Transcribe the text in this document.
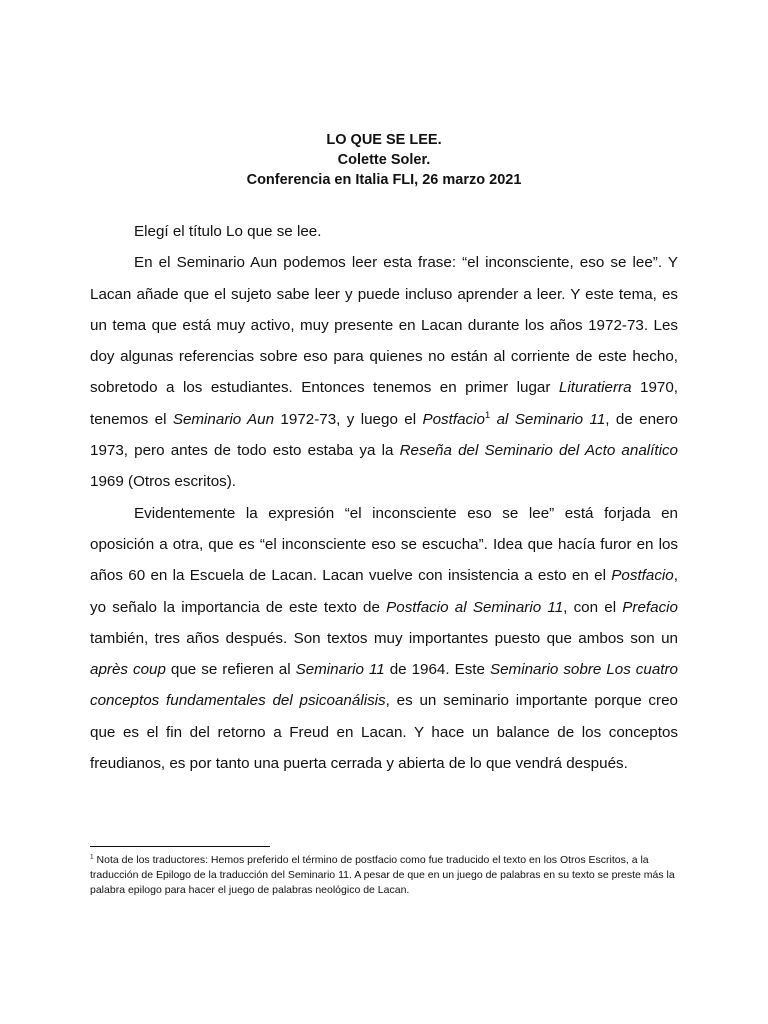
LO QUE SE LEE.
Colette Soler.
Conferencia en Italia FLI, 26 marzo 2021

Elegí el título Lo que se lee.

En el Seminario Aun podemos leer esta frase: “el inconsciente, eso se lee”. Y Lacan añade que el sujeto sabe leer y puede incluso aprender a leer. Y este tema, es un tema que está muy activo, muy presente en Lacan durante los años 1972-73. Les doy algunas referencias sobre eso para quienes no están al corriente de este hecho, sobretodo a los estudiantes. Entonces tenemos en primer lugar Lituratierra 1970, tenemos el Seminario Aun 1972-73, y luego el Postfacio$^1$ al Seminario 11, de enero 1973, pero antes de todo esto estaba ya la Reseña del Seminario del Acto analítico 1969 (Otros escritos).

Evidentemente la expresión “el inconsciente eso se lee” está forjada en oposición a otra, que es “el inconsciente eso se escucha”. Idea que hacía furor en los años 60 en la Escuela de Lacan. Lacan vuelve con insistencia a esto en el Postfacio, yo señalo la importancia de este texto de Postfacio al Seminario 11, con el Prefacio también, tres años después. Son textos muy importantes puesto que ambos son un après coup que se refieren al Seminario 11 de 1964. Este Seminario sobre Los cuatro conceptos fundamentales del psicoanálisis, es un seminario importante porque creo que es el fin del retorno a Freud en Lacan. Y hace un balance de los conceptos freudianos, es por tanto una puerta cerrada y abierta de lo que vendrá después.

$^1$ Nota de los traductores: Hemos preferido el término de postfacio como fue traducido el texto en los Otros Escritos, a la traducción de Epilogo de la traducción del Seminario 11. A pesar de que en un juego de palabras en su texto se preste más la palabra epilogo para hacer el juego de palabras neológico de Lacan.
